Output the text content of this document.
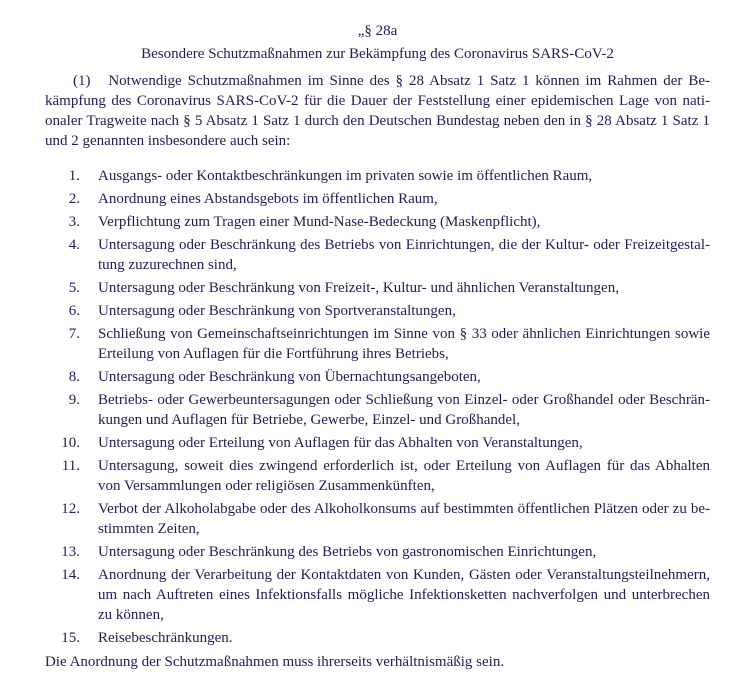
„§ 28a
Besondere Schutzmaßnahmen zur Bekämpfung des Coronavirus SARS-CoV-2

(1)   Notwendige Schutzmaßnahmen im Sinne des § 28 Absatz 1 Satz 1 können im Rahmen der Bekämpfung des Coronavirus SARS-CoV-2 für die Dauer der Feststellung einer epidemischen Lage von nationaler Tragweite nach § 5 Absatz 1 Satz 1 durch den Deutschen Bundestag neben den in § 28 Absatz 1 Satz 1 und 2 genannten insbesondere auch sein:

1. Ausgangs- oder Kontaktbeschränkungen im privaten sowie im öffentlichen Raum,
2. Anordnung eines Abstandsgebots im öffentlichen Raum,
3. Verpflichtung zum Tragen einer Mund-Nase-Bedeckung (Maskenpflicht),
4. Untersagung oder Beschränkung des Betriebs von Einrichtungen, die der Kultur- oder Freizeitgestaltung zuzurechnen sind,
5. Untersagung oder Beschränkung von Freizeit-, Kultur- und ähnlichen Veranstaltungen,
6. Untersagung oder Beschränkung von Sportveranstaltungen,
7. Schließung von Gemeinschaftseinrichtungen im Sinne von § 33 oder ähnlichen Einrichtungen sowie Erteilung von Auflagen für die Fortführung ihres Betriebs,
8. Untersagung oder Beschränkung von Übernachtungsangeboten,
9. Betriebs- oder Gewerbeuntersagungen oder Schließung von Einzel- oder Großhandel oder Beschränkungen und Auflagen für Betriebe, Gewerbe, Einzel- und Großhandel,
10. Untersagung oder Erteilung von Auflagen für das Abhalten von Veranstaltungen,
11. Untersagung, soweit dies zwingend erforderlich ist, oder Erteilung von Auflagen für das Abhalten von Versammlungen oder religiösen Zusammenkünften,
12. Verbot der Alkoholabgabe oder des Alkoholkonsums auf bestimmten öffentlichen Plätzen oder zu bestimmten Zeiten,
13. Untersagung oder Beschränkung des Betriebs von gastronomischen Einrichtungen,
14. Anordnung der Verarbeitung der Kontaktdaten von Kunden, Gästen oder Veranstaltungsteilnehmern, um nach Auftreten eines Infektionsfalls mögliche Infektionsketten nachverfolgen und unterbrechen zu können,
15. Reisebeschränkungen.

Die Anordnung der Schutzmaßnahmen muss ihrerseits verhältnismäßig sein.
